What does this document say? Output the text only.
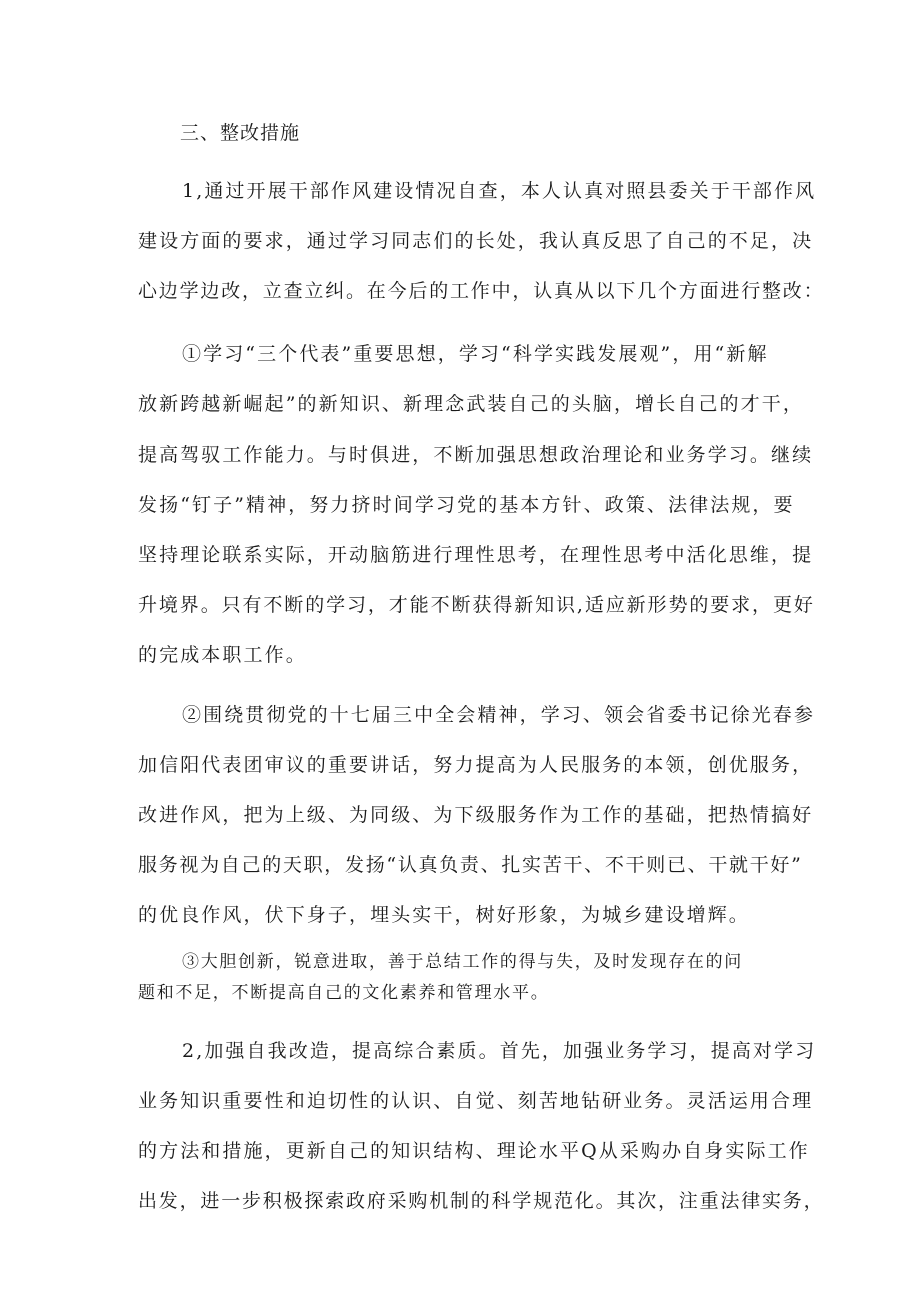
三、整改措施
1,通过开展干部作风建设情况自查，本人认真对照县委关于干部作风
建设方面的要求，通过学习同志们的长处，我认真反思了自己的不足，决
心边学边改，立查立纠。在今后的工作中，认真从以下几个方面进行整改：
①学习“三个代表”重要思想，学习“科学实践发展观”，用“新解
放新跨越新崛起”的新知识、新理念武装自己的头脑，增长自己的才干，
提高驾驭工作能力。与时俱进，不断加强思想政治理论和业务学习。继续
发扬“钉子”精神，努力挤时间学习党的基本方针、政策、法律法规，要
坚持理论联系实际，开动脑筋进行理性思考，在理性思考中活化思维，提
升境界。只有不断的学习，才能不断获得新知识,适应新形势的要求，更好
的完成本职工作。
②围绕贯彻党的十七届三中全会精神，学习、领会省委书记徐光春参
加信阳代表团审议的重要讲话，努力提高为人民服务的本领，创优服务，
改进作风，把为上级、为同级、为下级服务作为工作的基础，把热情搞好
服务视为自己的天职，发扬“认真负责、扎实苦干、不干则已、干就干好”
的优良作风，伏下身子，埋头实干，树好形象，为城乡建设增辉。
③大胆创新，锐意进取，善于总结工作的得与失，及时发现存在的问
题和不足，不断提高自己的文化素养和管理水平。
2,加强自我改造，提高综合素质。首先，加强业务学习，提高对学习
业务知识重要性和迫切性的认识、自觉、刻苦地钻研业务。灵活运用合理
的方法和措施，更新自己的知识结构、理论水平Q从采购办自身实际工作
出发，进一步积极探索政府采购机制的科学规范化。其次，注重法律实务，
